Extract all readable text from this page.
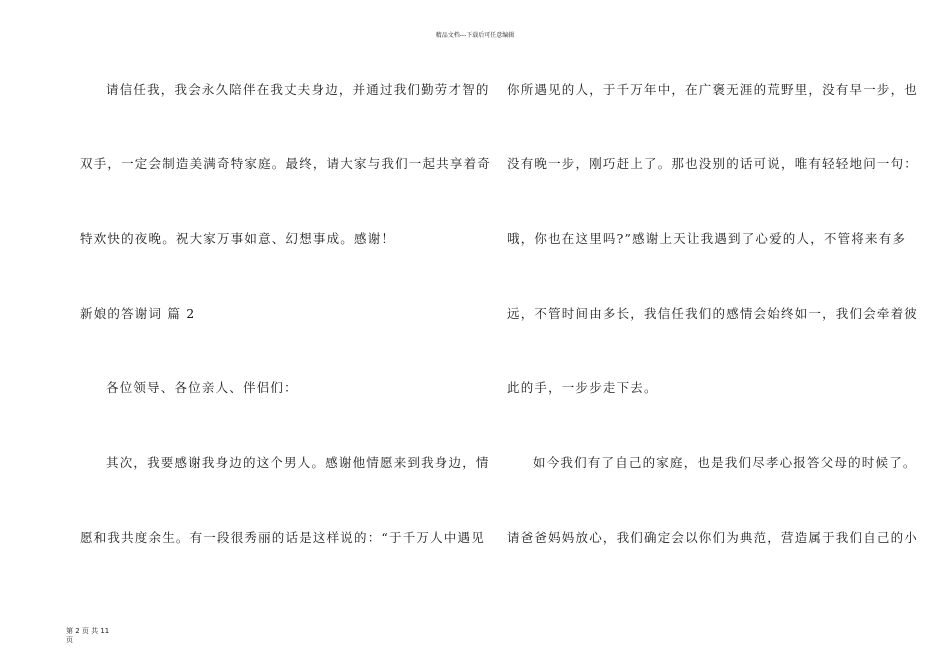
精品文档---下载后可任意编辑
请信任我，我会永久陪伴在我丈夫身边，并通过我们勤劳才智的
双手，一定会制造美满奇特家庭。最终，请大家与我们一起共享着奇
特欢快的夜晚。祝大家万事如意、幻想事成。感谢！
新娘的答谢词 篇 2
各位领导、各位亲人、伴侣们：
其次，我要感谢我身边的这个男人。感谢他情愿来到我身边，情
愿和我共度余生。有一段很秀丽的话是这样说的：“于千万人中遇见
你所遇见的人，于千万年中，在广褒无涯的荒野里，没有早一步，也
没有晚一步，刚巧赶上了。那也没别的话可说，唯有轻轻地问一句：
哦，你也在这里吗?”感谢上天让我遇到了心爱的人，不管将来有多
远，不管时间由多长，我信任我们的感情会始终如一，我们会牵着彼
此的手，一步步走下去。
如今我们有了自己的家庭，也是我们尽孝心报答父母的时候了。
请爸爸妈妈放心，我们确定会以你们为典范，营造属于我们自己的小
第 2 页 共 11
页
